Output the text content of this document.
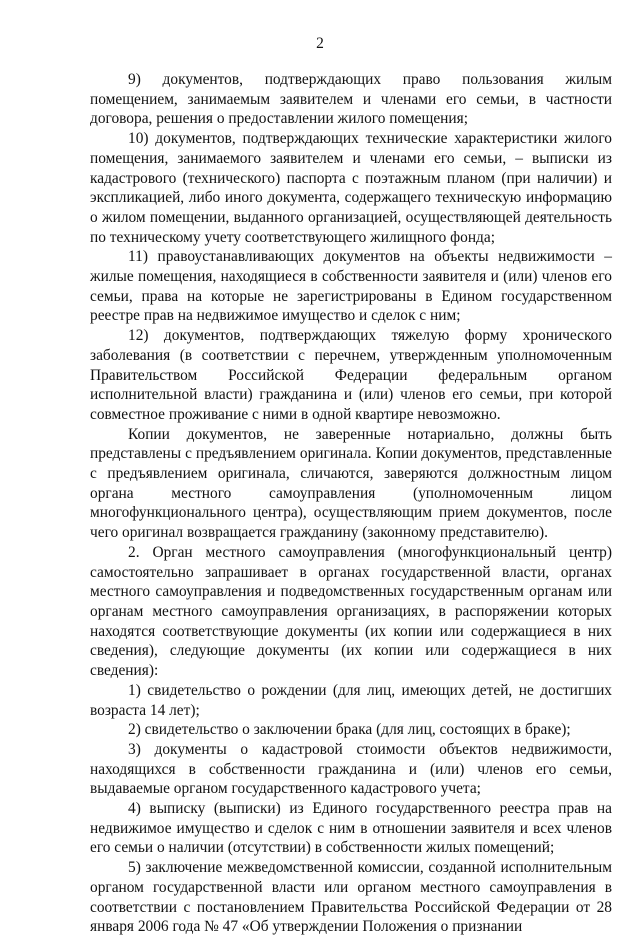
2

9) документов, подтверждающих право пользования жилым помещением, занимаемым заявителем и членами его семьи, в частности договора, решения о предоставлении жилого помещения;

10) документов, подтверждающих технические характеристики жилого помещения, занимаемого заявителем и членами его семьи, – выписки из кадастрового (технического) паспорта с поэтажным планом (при наличии) и экспликацией, либо иного документа, содержащего техническую информацию о жилом помещении, выданного организацией, осуществляющей деятельность по техническому учету соответствующего жилищного фонда;

11) правоустанавливающих документов на объекты недвижимости – жилые помещения, находящиеся в собственности заявителя и (или) членов его семьи, права на которые не зарегистрированы в Едином государственном реестре прав на недвижимое имущество и сделок с ним;

12) документов, подтверждающих тяжелую форму хронического заболевания (в соответствии с перечнем, утвержденным уполномоченным Правительством Российской Федерации федеральным органом исполнительной власти) гражданина и (или) членов его семьи, при которой совместное проживание с ними в одной квартире невозможно.

Копии документов, не заверенные нотариально, должны быть представлены с предъявлением оригинала. Копии документов, представленные с предъявлением оригинала, сличаются, заверяются должностным лицом органа местного самоуправления (уполномоченным лицом многофункционального центра), осуществляющим прием документов, после чего оригинал возвращается гражданину (законному представителю).

2. Орган местного самоуправления (многофункциональный центр) самостоятельно запрашивает в органах государственной власти, органах местного самоуправления и подведомственных государственным органам или органам местного самоуправления организациях, в распоряжении которых находятся соответствующие документы (их копии или содержащиеся в них сведения), следующие документы (их копии или содержащиеся в них сведения):

1) свидетельство о рождении (для лиц, имеющих детей, не достигших возраста 14 лет);

2) свидетельство о заключении брака (для лиц, состоящих в браке);

3) документы о кадастровой стоимости объектов недвижимости, находящихся в собственности гражданина и (или) членов его семьи, выдаваемые органом государственного кадастрового учета;

4) выписку (выписки) из Единого государственного реестра прав на недвижимое имущество и сделок с ним в отношении заявителя и всех членов его семьи о наличии (отсутствии) в собственности жилых помещений;

5) заключение межведомственной комиссии, созданной исполнительным органом государственной власти или органом местного самоуправления в соответствии с постановлением Правительства Российской Федерации от 28 января 2006 года № 47 «Об утверждении Положения о признании
